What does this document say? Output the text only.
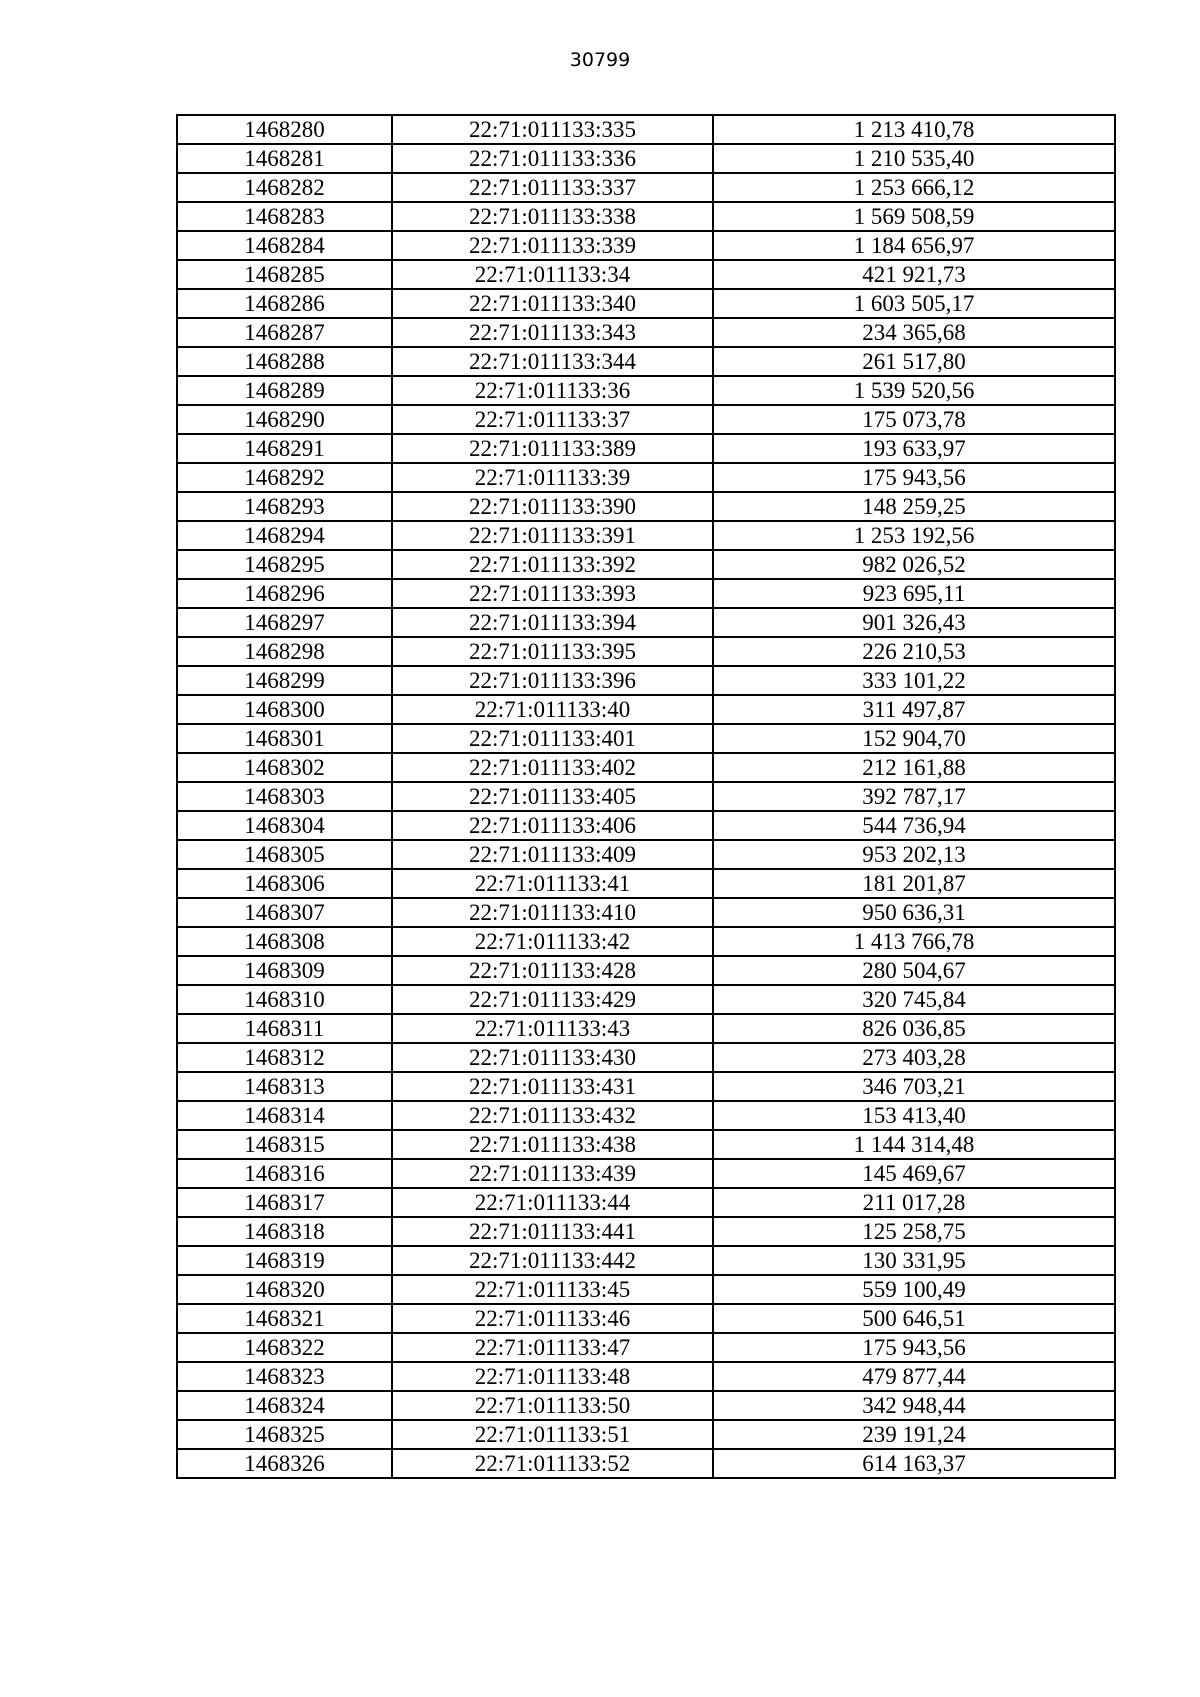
30799
1468280	22:71:011133:335	1 213 410,78
1468281	22:71:011133:336	1 210 535,40
1468282	22:71:011133:337	1 253 666,12
1468283	22:71:011133:338	1 569 508,59
1468284	22:71:011133:339	1 184 656,97
1468285	22:71:011133:34	421 921,73
1468286	22:71:011133:340	1 603 505,17
1468287	22:71:011133:343	234 365,68
1468288	22:71:011133:344	261 517,80
1468289	22:71:011133:36	1 539 520,56
1468290	22:71:011133:37	175 073,78
1468291	22:71:011133:389	193 633,97
1468292	22:71:011133:39	175 943,56
1468293	22:71:011133:390	148 259,25
1468294	22:71:011133:391	1 253 192,56
1468295	22:71:011133:392	982 026,52
1468296	22:71:011133:393	923 695,11
1468297	22:71:011133:394	901 326,43
1468298	22:71:011133:395	226 210,53
1468299	22:71:011133:396	333 101,22
1468300	22:71:011133:40	311 497,87
1468301	22:71:011133:401	152 904,70
1468302	22:71:011133:402	212 161,88
1468303	22:71:011133:405	392 787,17
1468304	22:71:011133:406	544 736,94
1468305	22:71:011133:409	953 202,13
1468306	22:71:011133:41	181 201,87
1468307	22:71:011133:410	950 636,31
1468308	22:71:011133:42	1 413 766,78
1468309	22:71:011133:428	280 504,67
1468310	22:71:011133:429	320 745,84
1468311	22:71:011133:43	826 036,85
1468312	22:71:011133:430	273 403,28
1468313	22:71:011133:431	346 703,21
1468314	22:71:011133:432	153 413,40
1468315	22:71:011133:438	1 144 314,48
1468316	22:71:011133:439	145 469,67
1468317	22:71:011133:44	211 017,28
1468318	22:71:011133:441	125 258,75
1468319	22:71:011133:442	130 331,95
1468320	22:71:011133:45	559 100,49
1468321	22:71:011133:46	500 646,51
1468322	22:71:011133:47	175 943,56
1468323	22:71:011133:48	479 877,44
1468324	22:71:011133:50	342 948,44
1468325	22:71:011133:51	239 191,24
1468326	22:71:011133:52	614 163,37
